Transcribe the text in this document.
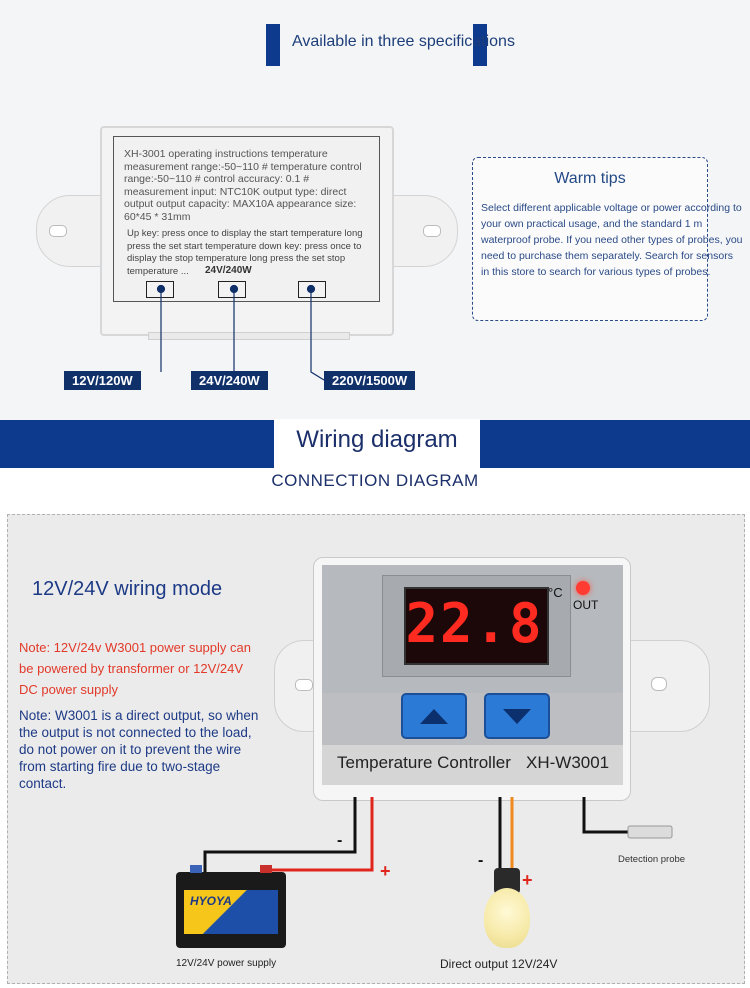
Available in three specifications
XH-3001 operating instructions temperature measurement range:-50~110 # temperature control range:-50~110 # control accuracy: 0.1 # measurement input: NTC10K output type: direct output output capacity: MAX10A appearance size: 60*45 * 31mm
Up key: press once to display the start temperature long press the set start temperature down key: press once to display the stop temperature long press the set stop temperature ...	24V/240W
12V/120W	24V/240W	220V/1500W
Warm tips
Select different applicable voltage or power according to your own practical usage, and the standard 1 m waterproof probe. If you need other types of probes, you need to purchase them separately. Search for sensors in this store to search for various types of probes.
Wiring diagram
CONNECTION DIAGRAM
12V/24V wiring mode
Note: 12V/24v W3001 power supply can be powered by transformer or 12V/24V DC power supply
Note: W3001 is a direct output, so when the output is not connected to the load, do not power on it to prevent the wire from starting fire due to two-stage contact.
22.8 °C
OUT
Temperature Controller XH-W3001
-
+
-
+
HYOYA
12V/24V power supply	Direct output 12V/24V
Detection probe
